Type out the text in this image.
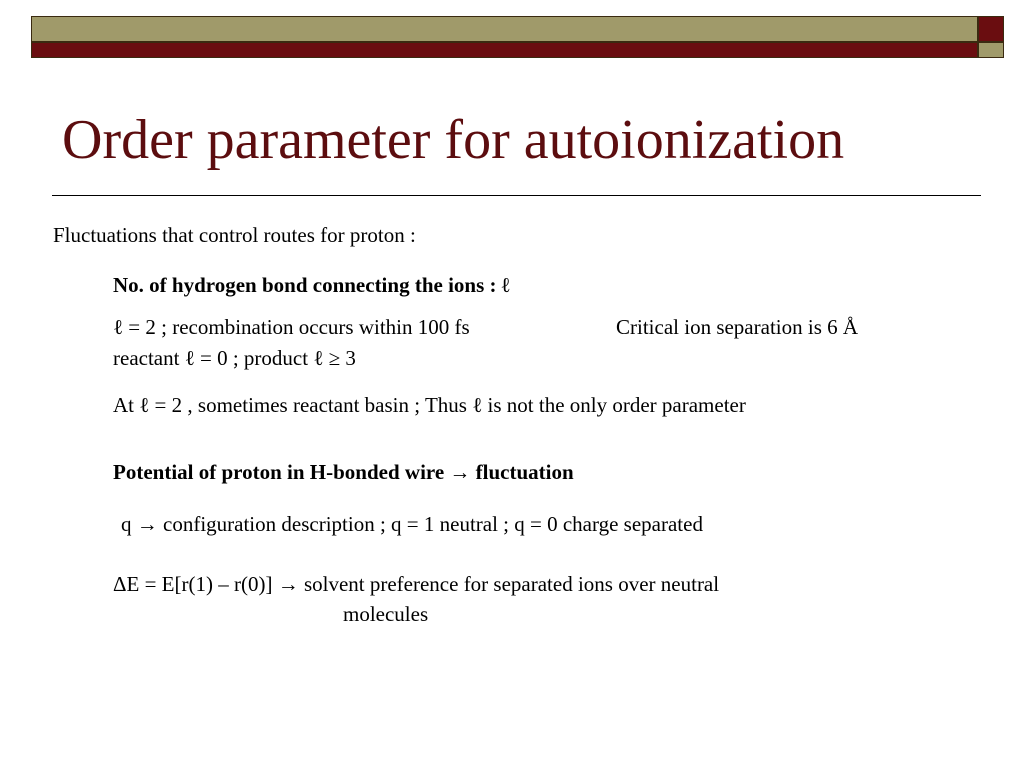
Order parameter for autoionization

Fluctuations that control routes for proton :

No. of hydrogen bond connecting the ions : ℓ

ℓ = 2 ; recombination occurs within 100 fs	Critical ion separation is 6 Å

reactant ℓ = 0 ; product ℓ ≥ 3

At ℓ = 2 , sometimes reactant basin ; Thus ℓ is not the only order parameter

Potential of proton in H-bonded wire → fluctuation

q → configuration description ; q = 1 neutral ; q = 0 charge separated

ΔE = E[r(1) – r(0)] → solvent preference for separated ions over neutral

molecules
